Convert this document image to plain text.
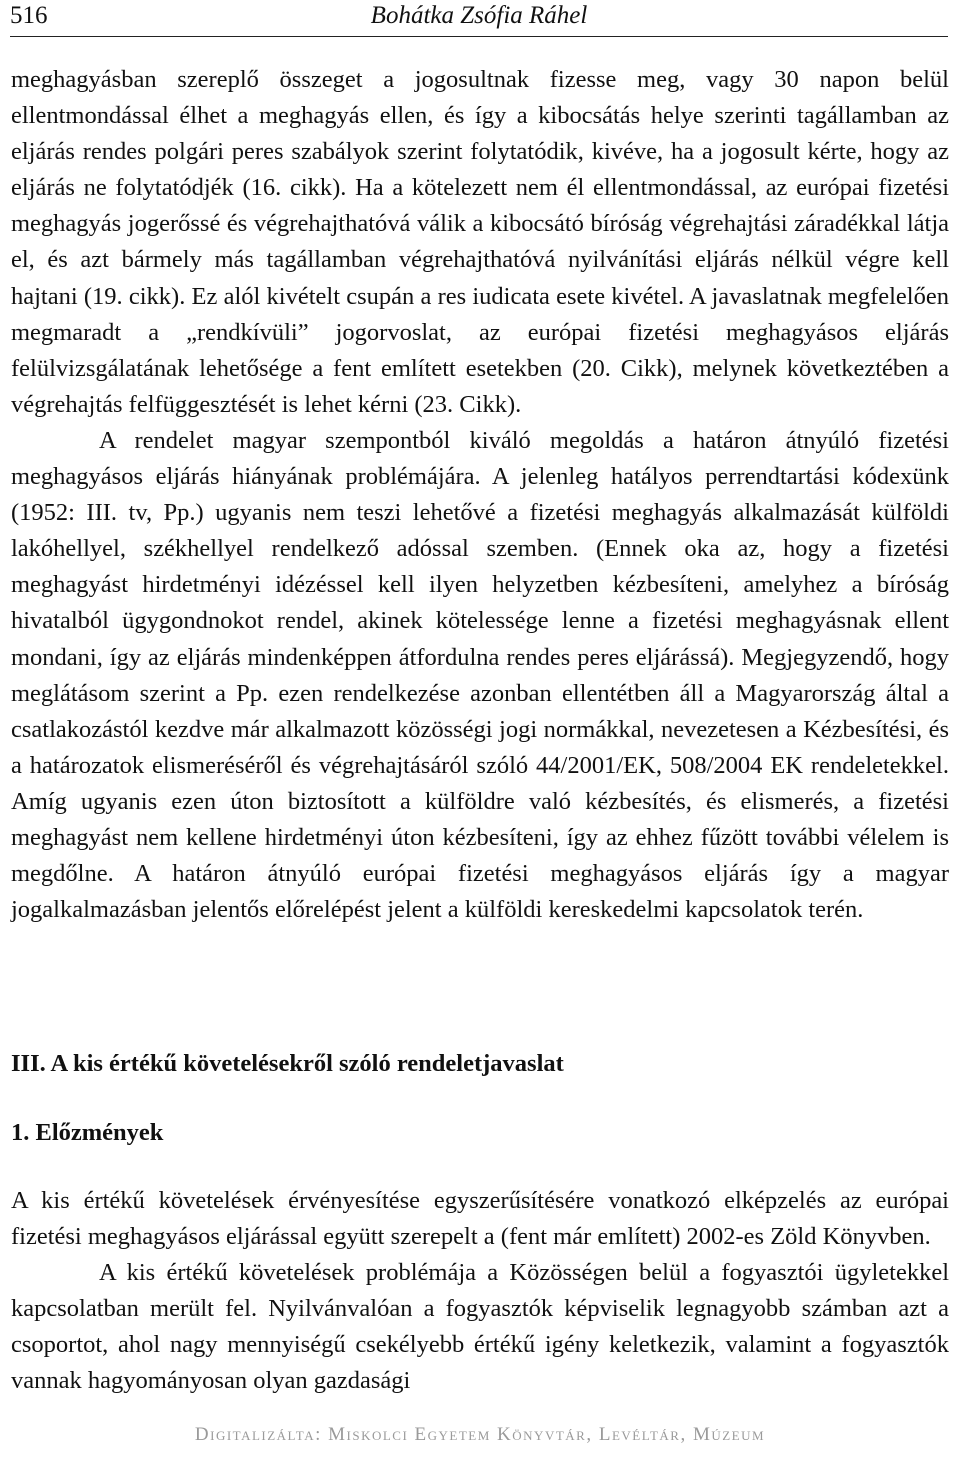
516	Bohátka Zsófia Ráhel

meghagyásban szereplő összeget a jogosultnak fizesse meg, vagy 30 napon belül ellentmondással élhet a meghagyás ellen, és így a kibocsátás helye szerinti tagállamban az eljárás rendes polgári peres szabályok szerint folytatódik, kivéve, ha a jogosult kérte, hogy az eljárás ne folytatódjék (16. cikk). Ha a kötelezett nem él ellentmondással, az európai fizetési meghagyás jogerőssé és végrehajthatóvá válik a kibocsátó bíróság végrehajtási záradékkal látja el, és azt bármely más tagállamban végrehajthatóvá nyilvánítási eljárás nélkül végre kell hajtani (19. cikk). Ez alól kivételt csupán a res iudicata esete kivétel. A javaslatnak megfelelően megmaradt a „rendkívüli” jogorvoslat, az európai fizetési meghagyásos eljárás felülvizsgálatának lehetősége a fent említett esetekben (20. Cikk), melynek következtében a végrehajtás felfüggesztését is lehet kérni (23. Cikk).

A rendelet magyar szempontból kiváló megoldás a határon átnyúló fizetési meghagyásos eljárás hiányának problémájára. A jelenleg hatályos perrendtartási kódexünk (1952: III. tv, Pp.) ugyanis nem teszi lehetővé a fizetési meghagyás alkalmazását külföldi lakóhellyel, székhellyel rendelkező adóssal szemben. (Ennek oka az, hogy a fizetési meghagyást hirdetményi idézéssel kell ilyen helyzetben kézbesíteni, amelyhez a bíróság hivatalból ügygondnokot rendel, akinek kötelessége lenne a fizetési meghagyásnak ellent mondani, így az eljárás mindenképpen átfordulna rendes peres eljárássá). Megjegyzendő, hogy meglátásom szerint a Pp. ezen rendelkezése azonban ellentétben áll a Magyarország által a csatlakozástól kezdve már alkalmazott közösségi jogi normákkal, nevezetesen a Kézbesítési, és a határozatok elismeréséről és végrehajtásáról szóló 44/2001/EK, 508/2004 EK rendeletekkel. Amíg ugyanis ezen úton biztosított a külföldre való kézbesítés, és elismerés, a fizetési meghagyást nem kellene hirdetményi úton kézbesíteni, így az ehhez fűzött további vélelem is megdőlne. A határon átnyúló európai fizetési meghagyásos eljárás így a magyar jogalkalmazásban jelentős előrelépést jelent a külföldi kereskedelmi kapcsolatok terén.

III. A kis értékű követelésekről szóló rendeletjavaslat
1. Előzmények

A kis értékű követelések érvényesítése egyszerűsítésére vonatkozó elképzelés az európai fizetési meghagyásos eljárással együtt szerepelt a (fent már említett) 2002-es Zöld Könyvben.

A kis értékű követelések problémája a Közösségen belül a fogyasztói ügyletekkel kapcsolatban merült fel. Nyilvánvalóan a fogyasztók képviselik legnagyobb számban azt a csoportot, ahol nagy mennyiségű csekélyebb értékű igény keletkezik, valamint a fogyasztók vannak hagyományosan olyan gazdasági

Digitalizálta: Miskolci Egyetem Könyvtár, Levéltár, Múzeum
